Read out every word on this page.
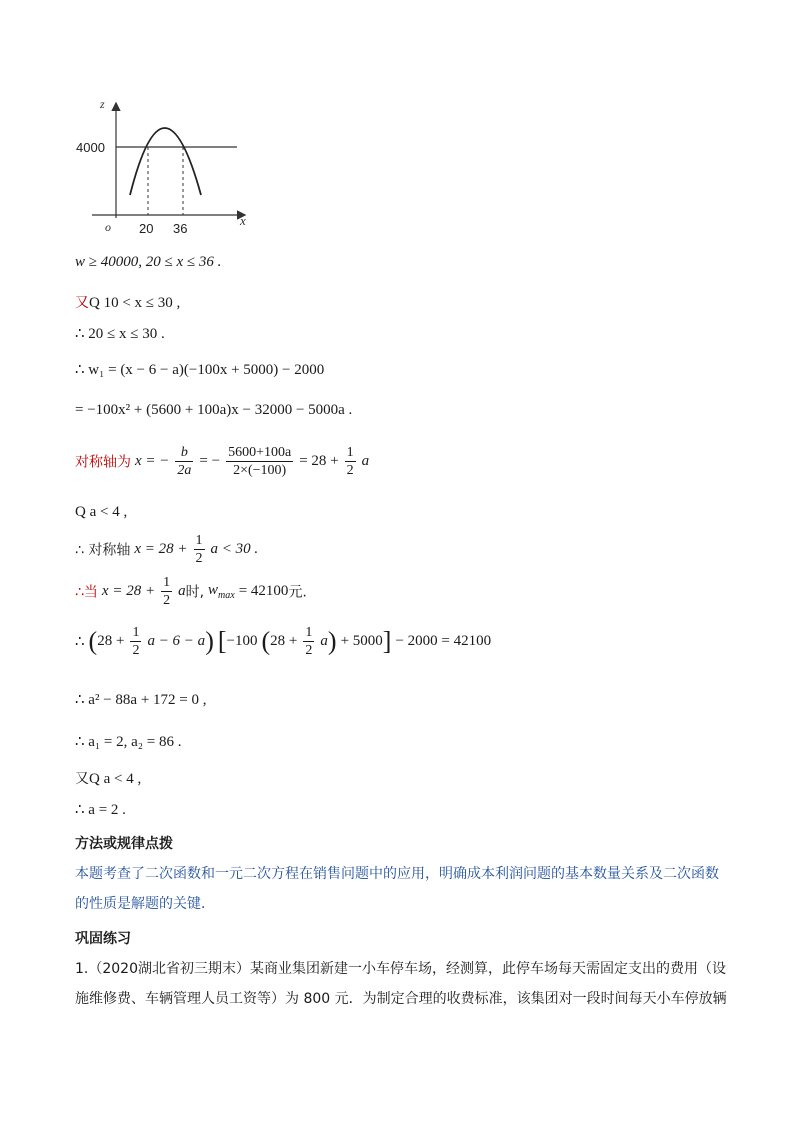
z
x
o
4000
20 36
w ≥ 40000, 20 ≤ x ≤ 36 .
又Q 10 < x ≤ 30 ,
∴ 20 ≤ x ≤ 30 .
∴ w₁ = (x − 6 − a)(−100x + 5000) − 2000
= −100x² + (5600 + 100a)x − 32000 − 5000a .
对称轴为 x = − $\frac{b}{2a}$ = − $\frac{5600+100a}{2\times(-100)} = 28 + \frac{1}{2}$ a
Q a < 4 ,
∴ 对称轴 $x = 28 + \frac{1}{2}$ a < 30 .
∴当 $x = 28 + \frac{1}{2}$ a时, $w_{max} = 42100$元.
∴ ($28 + \frac{1}{2}$ a − 6 − a) [−100 $(28 + \frac{1}{2} a) + 5000] - 2000 = 42100$
∴ a² − 88a + 172 = 0 ,
∴ a₁ = 2, a₂ = 86 .
又Q a < 4 ,
∴ a = 2 .
方法或规律点拨
本题考查了二次函数和一元二次方程在销售问题中的应用，明确成本利润问题的基本数量关系及二次函数
的性质是解题的关键．
巩固练习
1.（2020湖北省初三期末）某商业集团新建一小车停车场，经测算，此停车场每天需固定支出的费用（设
施维修费、车辆管理人员工资等）为 800 元．为制定合理的收费标准，该集团对一段时间每天小车停放辆
